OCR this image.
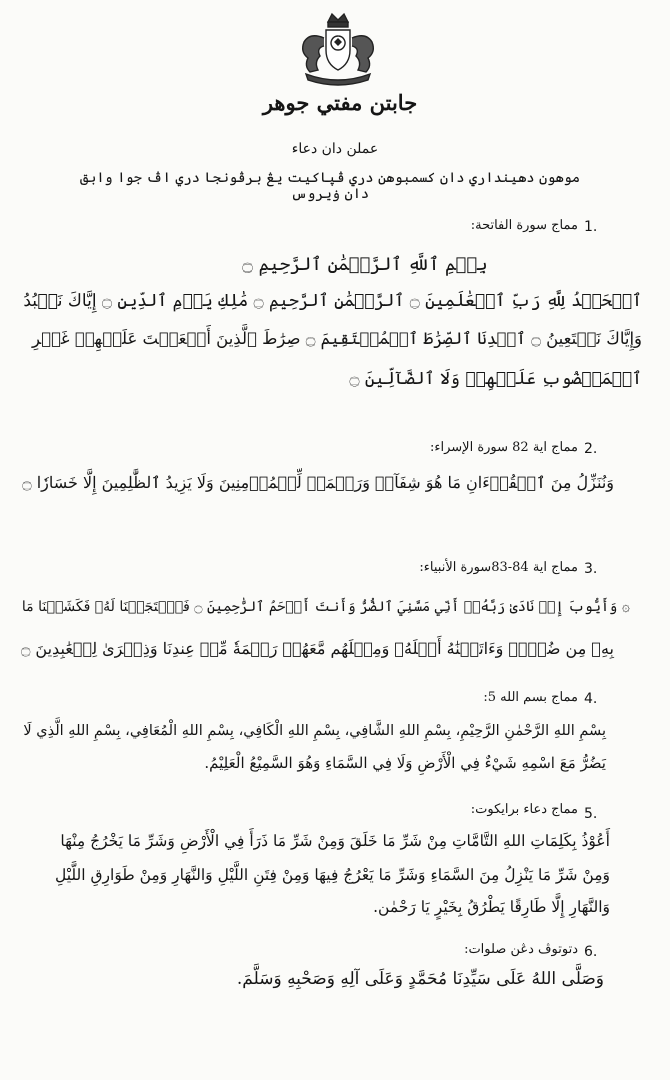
جابتن مفتي جوهر
عملن دان دعاء
موهون دهينداري دان كسمبوهن دري ڤپاكيت يڠ برڤونجا دري اڤ جوا وابق دان ۏيروس
1.
مماج سورة الفاتحة:
بِسۡمِ ٱللَّهِ ٱلرَّحۡمَٰنِ ٱلرَّحِيمِ ۝
ٱلۡحَمۡدُ لِلَّهِ رَبِّ ٱلۡعَٰلَمِينَ ۝ ٱلرَّحۡمَٰنِ ٱلرَّحِيمِ ۝ مَٰلِكِ يَوۡمِ ٱلدِّينِ ۝ إِيَّاكَ نَعۡبُدُ
وَإِيَّاكَ نَسۡتَعِينُ ۝ ٱهۡدِنَا ٱلصِّرَٰطَ ٱلۡمُسۡتَقِيمَ ۝ صِرَٰطَ ٱلَّذِينَ أَنۡعَمۡتَ عَلَيۡهِمۡ غَيۡرِ
ٱلۡمَغۡضُوبِ عَلَيۡهِمۡ وَلَا ٱلضَّآلِّينَ ۝
2.
مماج اية 82 سورة الإسراء:
وَنُنَزِّلُ مِنَ ٱلۡقُرۡءَانِ مَا هُوَ شِفَآءٞ وَرَحۡمَةٞ لِّلۡمُؤۡمِنِينَ وَلَا يَزِيدُ ٱلظَّٰلِمِينَ إِلَّا خَسَارٗا ۝
3.
مماج اية 84-83سورة الأنبياء:
۞ وَأَيُّوبَ إِذۡ نَادَىٰ رَبَّهُۥٓ أَنِّي مَسَّنِيَ ٱلضُّرُّ وَأَنتَ أَرۡحَمُ ٱلرَّٰحِمِينَ ۝ فَٱسۡتَجَبۡنَا لَهُۥ فَكَشَفۡنَا مَا
بِهِۦ مِن ضُرّٖۖ وَءَاتَيۡنَٰهُ أَهۡلَهُۥ وَمِثۡلَهُم مَّعَهُمۡ رَحۡمَةٗ مِّنۡ عِندِنَا وَذِكۡرَىٰ لِلۡعَٰبِدِينَ ۝
4.
مماج بسم الله 5:
بِسْمِ اللهِ الرَّحْمٰنِ الرَّحِيْمِ، بِسْمِ اللهِ الشَّافِي، بِسْمِ اللهِ الْكَافِي، بِسْمِ اللهِ الْمُعَافِي، بِسْمِ اللهِ الَّذِي لَا
يَضُرُّ مَعَ اسْمِهِ شَيْءٌ فِي الْأَرْضِ وَلَا فِي السَّمَاءِ وَهُوَ السَّمِيْعُ الْعَلِيْمُ.
5.
مماج دعاء برايكوت:
أَعُوْذُ بِكَلِمَاتِ اللهِ التَّامَّاتِ مِنْ شَرِّ مَا خَلَقَ وَمِنْ شَرِّ مَا ذَرَأَ فِي الْأَرْضِ وَشَرِّ مَا يَخْرُجُ مِنْهَا
وَمِنْ شَرِّ مَا يَنْزِلُ مِنَ السَّمَاءِ وَشَرِّ مَا يَعْرُجُ فِيهَا وَمِنْ فِتَنِ اللَّيْلِ وَالنَّهَارِ وَمِنْ طَوَارِقِ اللَّيْلِ
وَالنَّهَارِ إِلَّا طَارِقًا يَطْرُقُ بِخَيْرٍ يَا رَحْمٰن.
6.
دتوتوڤ دڠن صلوات:
وَصَلَّى اللهُ عَلَى سَيِّدِنَا مُحَمَّدٍ وَعَلَى آلِهِ وَصَحْبِهِ وَسَلَّمَ.
